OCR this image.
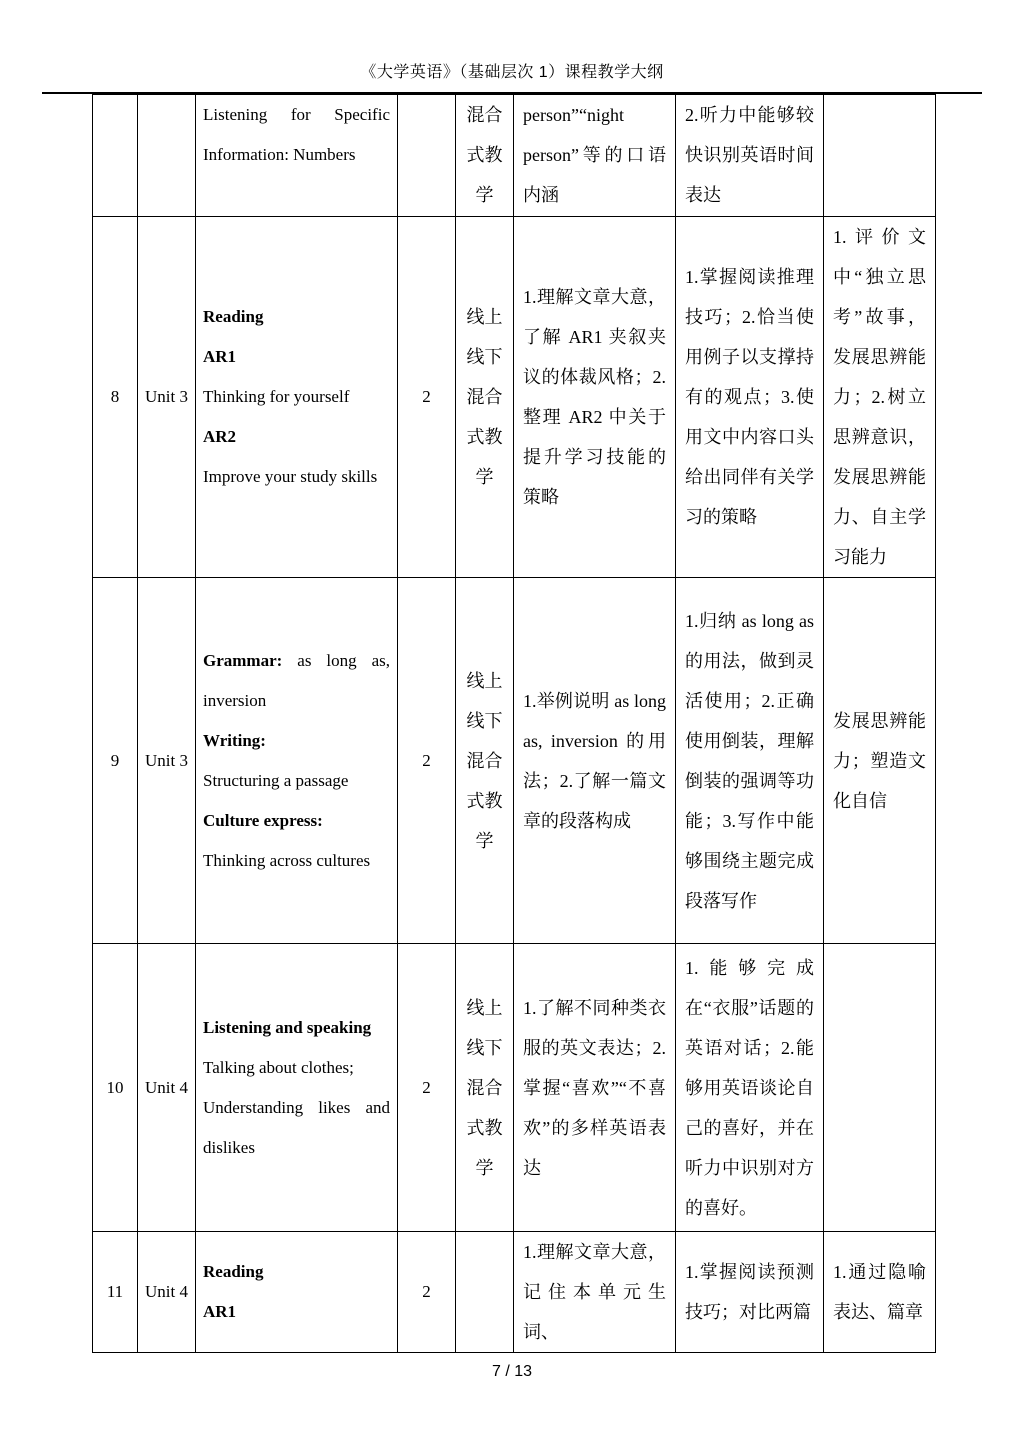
《大学英语》（基础层次 1）课程教学大纲

		Listening for Specific Information: Numbers		混合式教学	person”“night person”等的口语内涵	2.听力中能够较快识别英语时间表达	
8	Unit 3	Reading

AR1

Thinking for yourself

AR2

Improve your study skills	2	线上线下混合式教学	1.理解文章大意，了解 AR1 夹叙夹议的体裁风格；2.整理 AR2 中关于提升学习技能的策略	1.掌握阅读推理技巧；2.恰当使用例子以支撑持有的观点；3.使用文中内容口头给出同伴有关学习的策略	1.评价文中“独立思考”故事，发展思辨能力；2.树立思辨意识，发展思辨能力、自主学习能力
9	Unit 3	Grammar: as long as, inversion

Writing:

Structuring a passage

Culture express:

Thinking across cultures	2	线上线下混合式教学	1.举例说明 as long as, inversion 的用法；2.了解一篇文章的段落构成	1.归纳 as long as 的用法，做到灵活使用；2.正确使用倒装，理解倒装的强调等功能；3.写作中能够围绕主题完成段落写作	发展思辨能力；塑造文化自信
10	Unit 4	Listening and speaking

Talking about clothes;

Understanding likes and dislikes	2	线上线下混合式教学	1.了解不同种类衣服的英文表达；2.掌握“喜欢”“不喜欢”的多样英语表达	1.能够完成在“衣服”话题的英语对话；2.能够用英语谈论自己的喜好，并在听力中识别对方的喜好。	
11	Unit 4	Reading

AR1	2		1.理解文章大意，记住本单元生词、	1.掌握阅读预测技巧；对比两篇	1.通过隐喻表达、篇章
7 / 13
